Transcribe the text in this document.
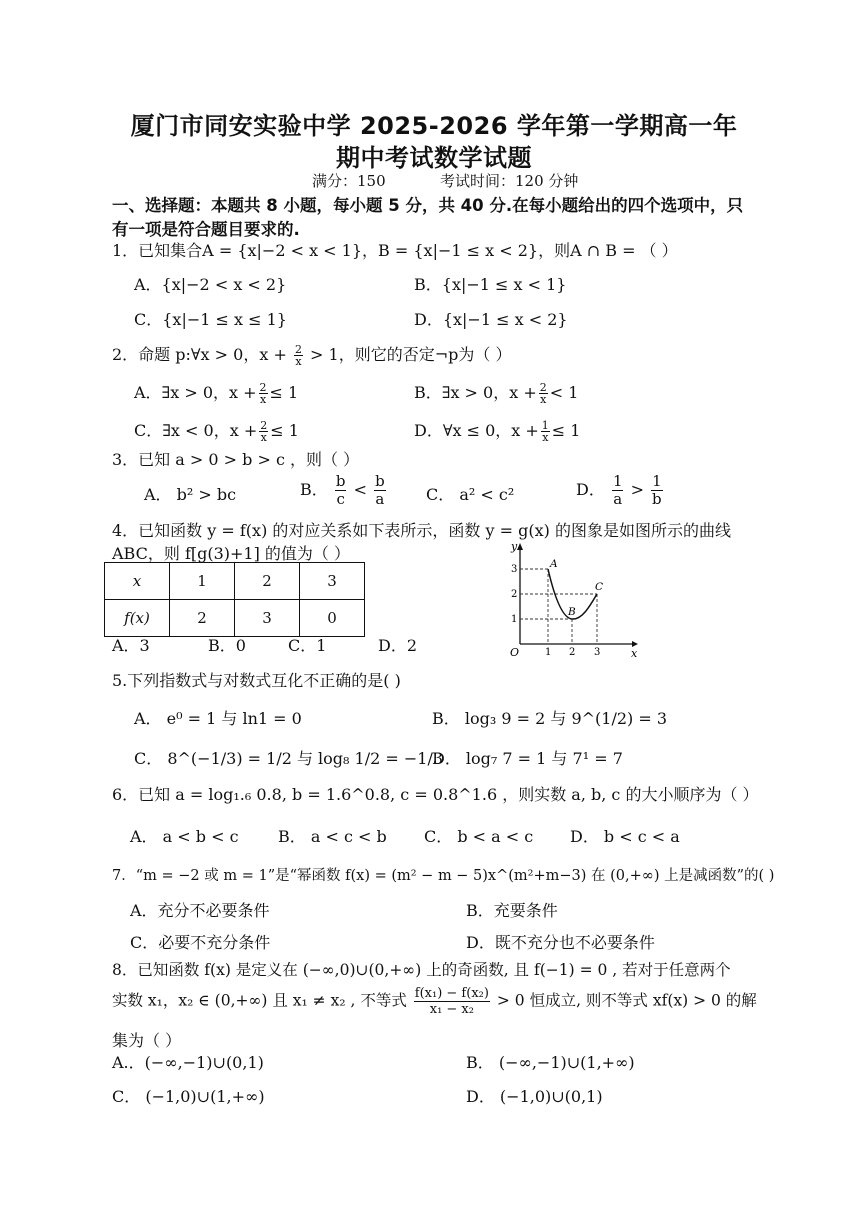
厦门市同安实验中学 2025-2026 学年第一学期高一年
期中考试数学试题
满分：150	考试时间：120 分钟
一、选择题：本题共 8 小题，每小题 5 分，共 40 分.在每小题给出的四个选项中，只
有一项是符合题目要求的.
1．已知集合A = {x|−2 < x < 1}，B = {x|−1 ≤ x < 2}，则A ∩ B = （ ）
A．{x|−2 < x < 2}	B．{x|−1 ≤ x < 1}
C．{x|−1 ≤ x ≤ 1}	D．{x|−1 ≤ x < 2}
2．命题 p:∀x > 0，$x + \frac{2}{x} > 1$，则它的否定¬p为（ ）
A．∃x > 0，$x + \frac{2}{x} \le 1$	B．∃x > 0，$x + \frac{2}{x} < 1$
C．∃x < 0，$x + \frac{2}{x} \le 1$	D．∀x ≤ 0，$x + \frac{1}{x} \le 1$
3．已知 a > 0 > b > c ，则（ ）
A． b² > bc	B． $\frac{b}{c} < \frac{b}{a}$	C． a² < c²	D． $\frac{1}{a} > \frac{1}{b}$
4．已知函数 y = f(x) 的对应关系如下表所示，函数 y = g(x) 的图象是如图所示的曲线
ABC，则 f[g(3)+1] 的值为（ ）
x	1	2	3
f(x)	2	3	0
A．3	B．0	C．1	D．2
y
x
O	1 2 3
1
2
3	A
B
C
5.下列指数式与对数式互化不正确的是( )
A． e⁰ = 1 与 ln1 = 0	B． log₃ 9 = 2 与 9^(1/2) = 3
C． 8^(−1/3) = 1/2 与 log₈ 1/2 = −1/3
D． log₇ 7 = 1 与 7¹ = 7
6．已知 a = log₁.₆ 0.8, b = 1.6^0.8, c = 0.8^1.6 ，则实数 a, b, c 的大小顺序为（ ）
A． a < b < c B． a < c < b C． b < a < c D． b < c < a
7．“m = −2 或 m = 1”是“幂函数 f(x) = (m² − m − 5)x^(m²+m−3) 在 (0,+∞) 上是减函数”的( )
A．充分不必要条件	B．充要条件
C．必要不充分条件	D．既不充分也不必要条件
8．已知函数 f(x) 是定义在 (−∞,0)∪(0,+∞) 上的奇函数, 且 f(−1) = 0 , 若对于任意两个
实数 x₁，x₂ ∈ (0,+∞) 且 x₁ ≠ x₂ , 不等式 $\frac{\text{f(x₁) − f(x₂)}}{\text{x₁ − x₂}} > 0$ 恒成立, 则不等式 xf(x) > 0 的解
集为（ ）
A.．(−∞,−1)∪(0,1)	B． (−∞,−1)∪(1,+∞)
C． (−1,0)∪(1,+∞)	D． (−1,0)∪(0,1)
